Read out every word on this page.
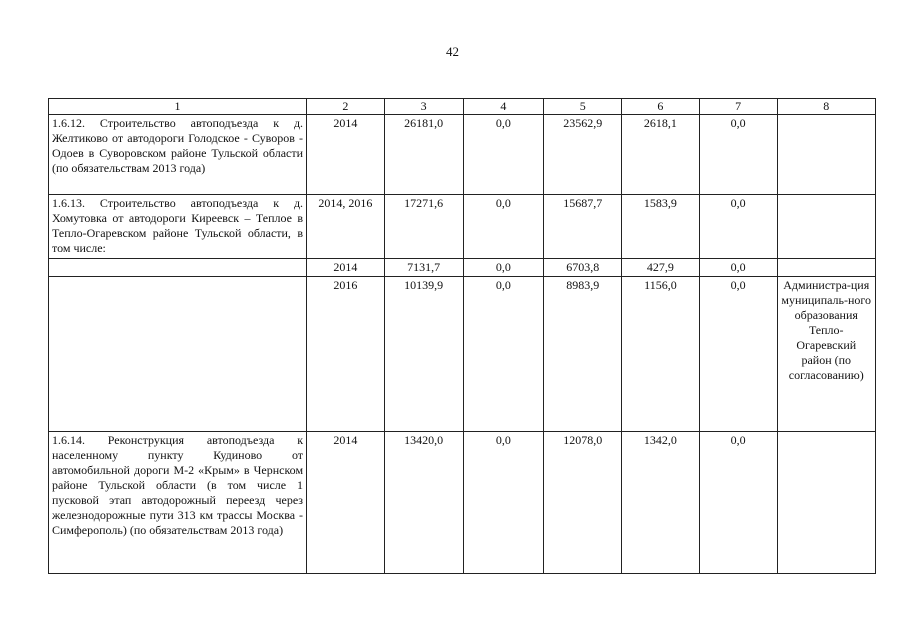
42
1	2	3	4	5	6	7	8
1.6.12. Строительство автоподъезда к д. Желтиково от автодороги Голодское - Суворов - Одоев в Суворовском районе Тульской области (по обязательствам 2013 года)	2014	26181,0	0,0	23562,9	2618,1	0,0	
1.6.13. Строительство автоподъезда к д. Хомутовка от автодороги Киреевск – Теплое в Тепло-Огаревском районе Тульской области, в том числе:	2014, 2016	17271,6	0,0	15687,7	1583,9	0,0	
	2014	7131,7	0,0	6703,8	427,9	0,0	
	2016	10139,9	0,0	8983,9	1156,0	0,0	Администра-ция муниципаль-ного образования Тепло-Огаревский район (по согласованию)
1.6.14. Реконструкция автоподъезда к населенному пункту Кудиново от автомобильной дороги М-2 «Крым» в Чернском районе Тульской области (в том числе 1 пусковой этап автодорожный переезд через железнодорожные пути 313 км трассы Москва - Симферополь) (по обязательствам 2013 года)	2014	13420,0	0,0	12078,0	1342,0	0,0	
